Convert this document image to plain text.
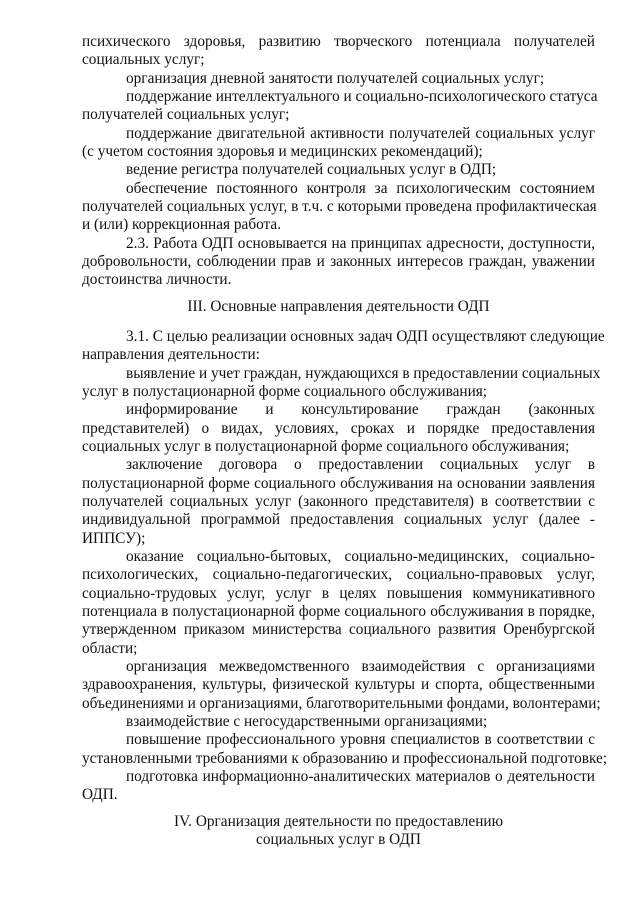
психического здоровья, развитию творческого потенциала получателей
социальных услуг;
организация дневной занятости получателей социальных услуг;
поддержание интеллектуального и социально-психологического статуса
получателей социальных услуг;
поддержание двигательной активности получателей социальных услуг
(с учетом состояния здоровья и медицинских рекомендаций);
ведение регистра получателей социальных услуг в ОДП;
обеспечение постоянного контроля за психологическим состоянием
получателей социальных услуг, в т.ч. с которыми проведена профилактическая
и (или) коррекционная работа.
2.3. Работа ОДП основывается на принципах адресности, доступности,
добровольности, соблюдении прав и законных интересов граждан, уважении
достоинства личности.
III. Основные направления деятельности ОДП
3.1. С целью реализации основных задач ОДП осуществляют следующие
направления деятельности:
выявление и учет граждан, нуждающихся в предоставлении социальных
услуг в полустационарной форме социального обслуживания;
информирование и консультирование граждан (законных
представителей) о видах, условиях, сроках и порядке предоставления
социальных услуг в полустационарной форме социального обслуживания;
заключение договора о предоставлении социальных услуг в
полустационарной форме социального обслуживания на основании заявления
получателей социальных услуг (законного представителя) в соответствии с
индивидуальной программой предоставления социальных услуг (далее -
ИППСУ);
оказание социально-бытовых, социально-медицинских, социально-
психологических, социально-педагогических, социально-правовых услуг,
социально-трудовых услуг, услуг в целях повышения коммуникативного
потенциала в полустационарной форме социального обслуживания в порядке,
утвержденном приказом министерства социального развития Оренбургской
области;
организация межведомственного взаимодействия с организациями
здравоохранения, культуры, физической культуры и спорта, общественными
объединениями и организациями, благотворительными фондами, волонтерами;
взаимодействие с негосударственными организациями;
повышение профессионального уровня специалистов в соответствии с
установленными требованиями к образованию и профессиональной подготовке;
подготовка информационно-аналитических материалов о деятельности
ОДП.
IV. Организация деятельности по предоставлению
социальных услуг в ОДП
